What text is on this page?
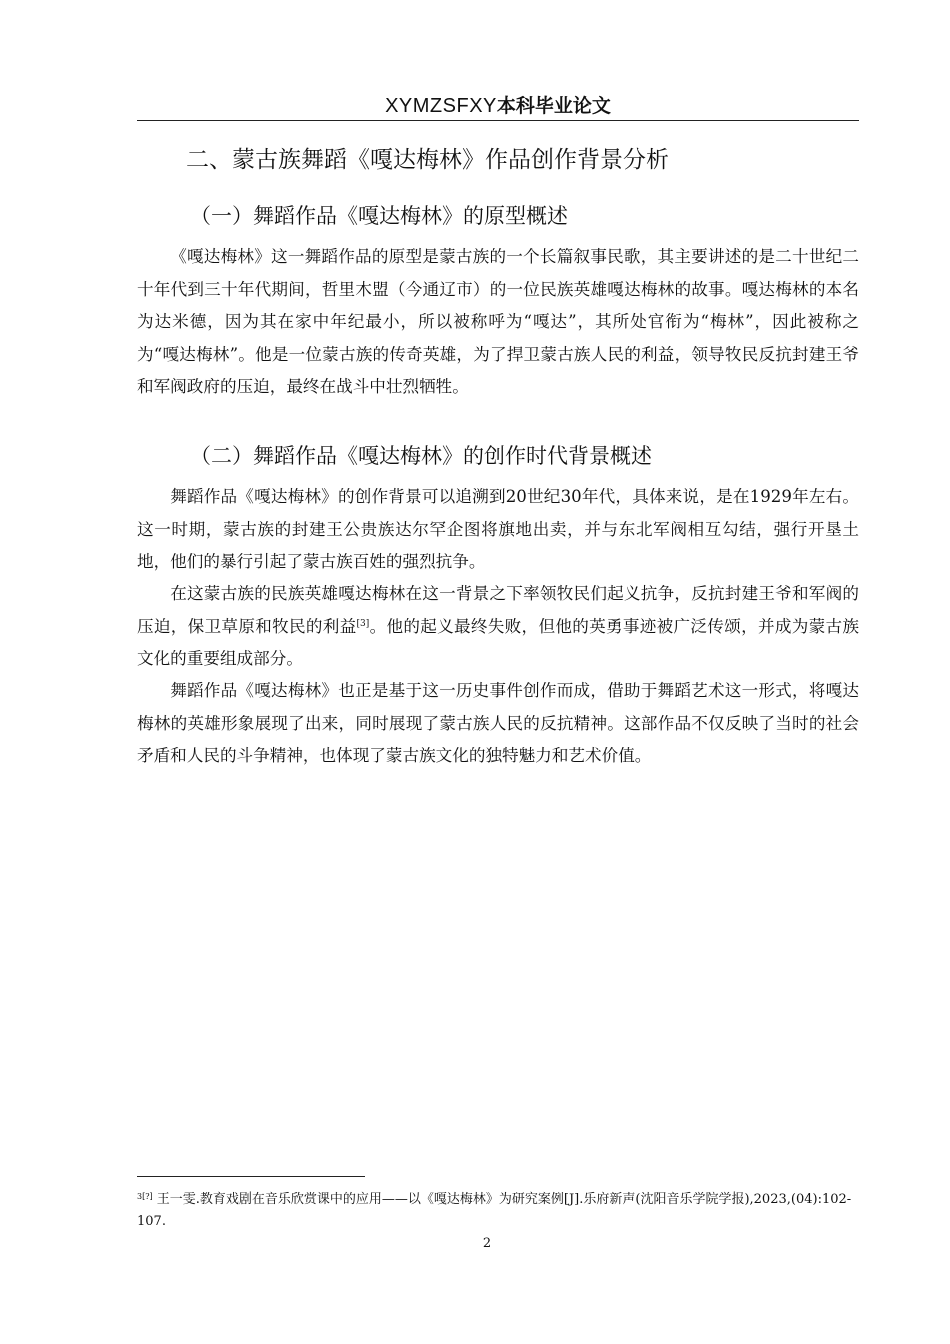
XYMZSFXY本科毕业论文
二、蒙古族舞蹈《嘎达梅林》作品创作背景分析
（一）舞蹈作品《嘎达梅林》的原型概述

《嘎达梅林》这一舞蹈作品的原型是蒙古族的一个长篇叙事民歌，其主要讲述的是二十世纪二十年代到三十年代期间，哲里木盟（今通辽市）的一位民族英雄嘎达梅林的故事。嘎达梅林的本名为达米德，因为其在家中年纪最小，所以被称呼为“嘎达”，其所处官衔为“梅林”，因此被称之为“嘎达梅林”。他是一位蒙古族的传奇英雄，为了捍卫蒙古族人民的利益，领导牧民反抗封建王爷和军阀政府的压迫，最终在战斗中壮烈牺牲。

（二）舞蹈作品《嘎达梅林》的创作时代背景概述

舞蹈作品《嘎达梅林》的创作背景可以追溯到20世纪30年代，具体来说，是在1929年左右。这一时期，蒙古族的封建王公贵族达尔罕企图将旗地出卖，并与东北军阀相互勾结，强行开垦土地，他们的暴行引起了蒙古族百姓的强烈抗争。

在这蒙古族的民族英雄嘎达梅林在这一背景之下率领牧民们起义抗争，反抗封建王爷和军阀的压迫，保卫草原和牧民的利益[3]。他的起义最终失败，但他的英勇事迹被广泛传颂，并成为蒙古族文化的重要组成部分。

舞蹈作品《嘎达梅林》也正是基于这一历史事件创作而成，借助于舞蹈艺术这一形式，将嘎达梅林的英雄形象展现了出来，同时展现了蒙古族人民的反抗精神。这部作品不仅反映了当时的社会矛盾和人民的斗争精神，也体现了蒙古族文化的独特魅力和艺术价值。

$^{3[?]}$ 王一雯.教育戏剧在音乐欣赏课中的应用——以《嘎达梅林》为研究案例[J].乐府新声(沈阳音乐学院学报),2023,(04):102-107.

2
